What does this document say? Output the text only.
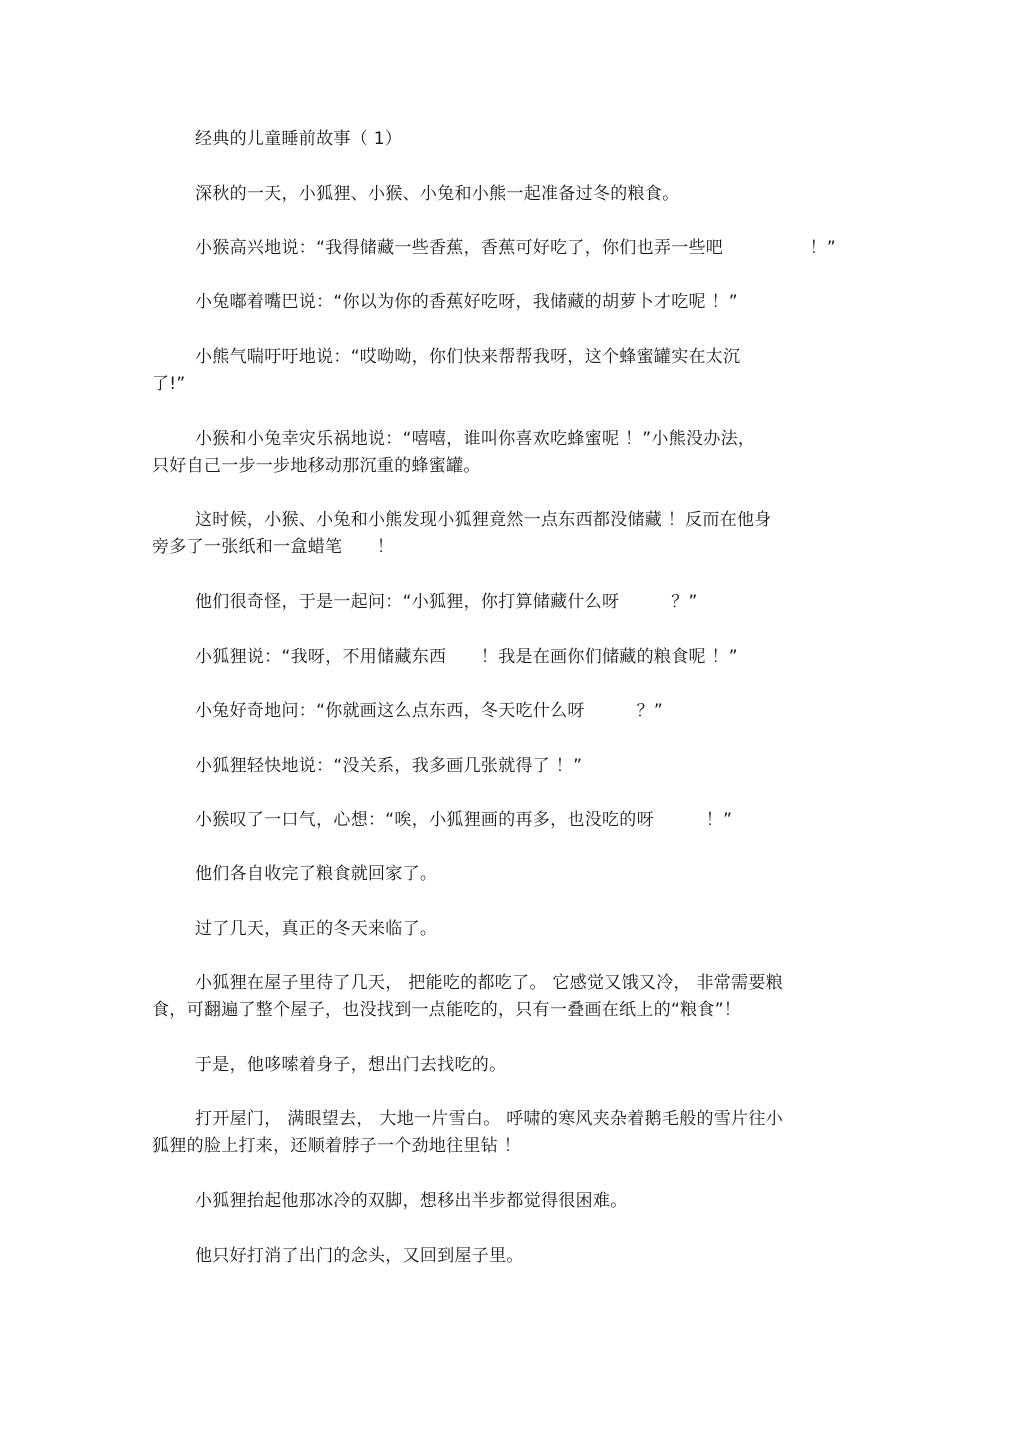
经典的儿童睡前故事（ 1）

深秋的一天，小狐狸、小猴、小兔和小熊一起准备过冬的粮食。

小猴高兴地说：“我得储藏一些香蕉，香蕉可好吃了，你们也弄一些吧　　　　　！”

小兔嘟着嘴巴说：“你以为你的香蕉好吃呀，我储藏的胡萝卜才吃呢 ！”

小熊气喘吁吁地说：“哎呦呦，你们快来帮帮我呀，这个蜂蜜罐实在太沉
了!”

小猴和小兔幸灾乐祸地说：“嘻嘻，谁叫你喜欢吃蜂蜜呢 ！”小熊没办法，
只好自己一步一步地移动那沉重的蜂蜜罐。

这时候，小猴、小兔和小熊发现小狐狸竟然一点东西都没储藏 ！反而在他身
旁多了一张纸和一盒蜡笔　　！

他们很奇怪，于是一起问：“小狐狸，你打算储藏什么呀　　　？”

小狐狸说：“我呀，不用储藏东西　　！我是在画你们储藏的粮食呢 ！”

小兔好奇地问：“你就画这么点东西，冬天吃什么呀　　　？”

小狐狸轻快地说：“没关系，我多画几张就得了 ！”

小猴叹了一口气，心想：“唉，小狐狸画的再多，也没吃的呀　　　！”

他们各自收完了粮食就回家了。

过了几天，真正的冬天来临了。

小狐狸在屋子里待了几天， 把能吃的都吃了。 它感觉又饿又冷， 非常需要粮
食，可翻遍了整个屋子，也没找到一点能吃的，只有一叠画在纸上的“粮食”！

于是，他哆嗦着身子，想出门去找吃的。

打开屋门， 满眼望去， 大地一片雪白。 呼啸的寒风夹杂着鹅毛般的雪片往小
狐狸的脸上打来，还顺着脖子一个劲地往里钻 ！

小狐狸抬起他那冰冷的双脚，想移出半步都觉得很困难。

他只好打消了出门的念头，又回到屋子里。
